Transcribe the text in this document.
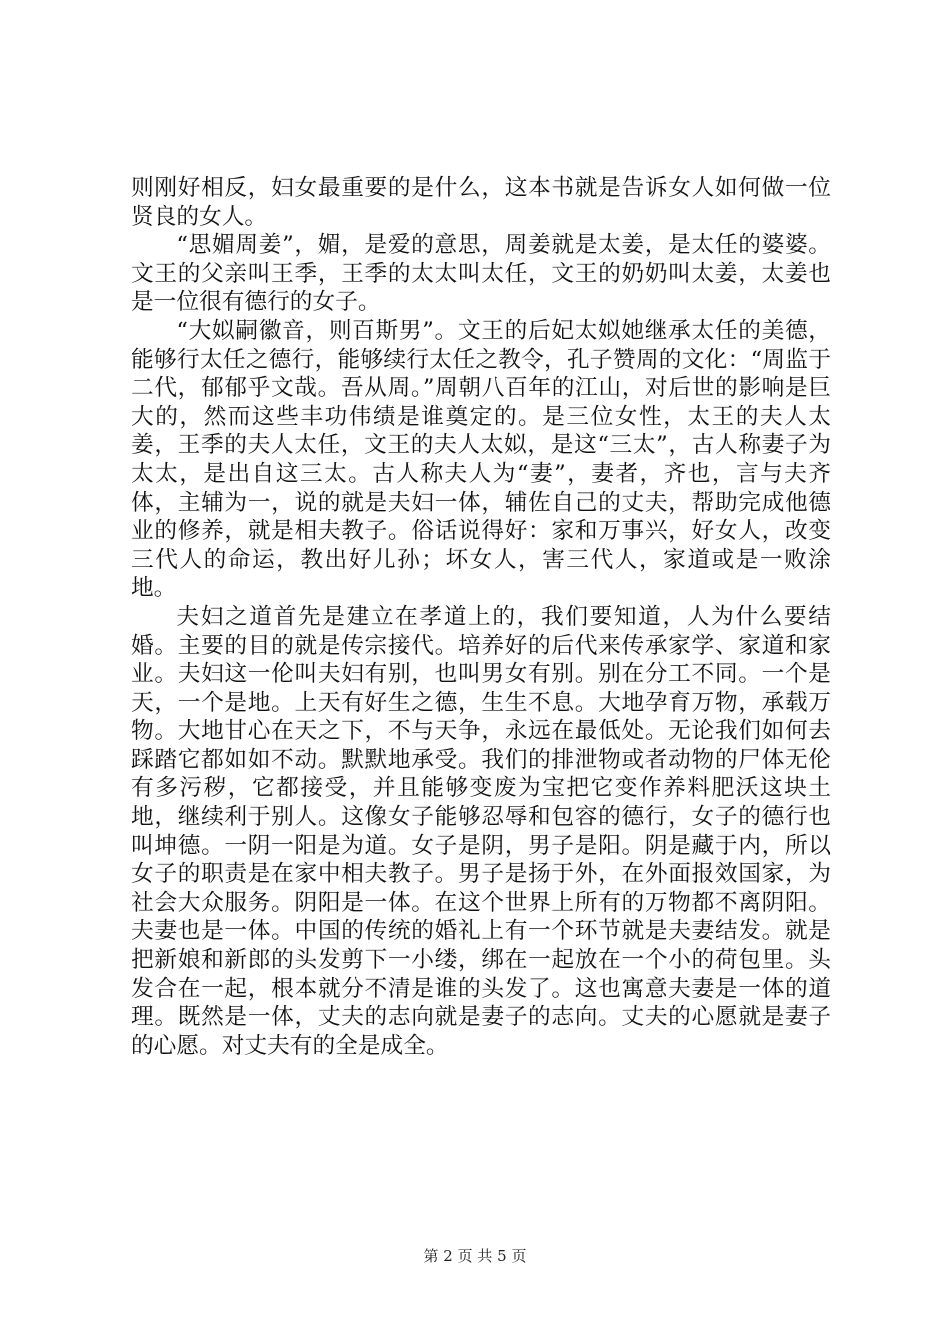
则刚好相反，妇女最重要的是什么，这本书就是告诉女人如何做一位贤良的女人。

“思媚周姜”，媚，是爱的意思，周姜就是太姜，是太任的婆婆。文王的父亲叫王季，王季的太太叫太任，文王的奶奶叫太姜，太姜也是一位很有德行的女子。

“大姒嗣徽音，则百斯男”。文王的后妃太姒她继承太任的美德，能够行太任之德行，能够续行太任之教令，孔子赞周的文化：“周监于二代，郁郁乎文哉。吾从周。”周朝八百年的江山，对后世的影响是巨大的，然而这些丰功伟绩是谁奠定的。是三位女性，太王的夫人太姜，王季的夫人太任，文王的夫人太姒，是这“三太”，古人称妻子为太太，是出自这三太。古人称夫人为“妻”，妻者，齐也，言与夫齐体，主辅为一，说的就是夫妇一体，辅佐自己的丈夫，帮助完成他德业的修养，就是相夫教子。俗话说得好：家和万事兴，好女人，改变三代人的命运，教出好儿孙；坏女人，害三代人，家道或是一败涂地。

夫妇之道首先是建立在孝道上的，我们要知道，人为什么要结婚。主要的目的就是传宗接代。培养好的后代来传承家学、家道和家业。夫妇这一伦叫夫妇有别，也叫男女有别。别在分工不同。一个是天，一个是地。上天有好生之德，生生不息。大地孕育万物，承载万物。大地甘心在天之下，不与天争，永远在最低处。无论我们如何去踩踏它都如如不动。默默地承受。我们的排泄物或者动物的尸体无伦有多污秽，它都接受，并且能够变废为宝把它变作养料肥沃这块土地，继续利于别人。这像女子能够忍辱和包容的德行，女子的德行也叫坤德。一阴一阳是为道。女子是阴，男子是阳。阴是藏于内，所以女子的职责是在家中相夫教子。男子是扬于外，在外面报效国家，为社会大众服务。阴阳是一体。在这个世界上所有的万物都不离阴阳。夫妻也是一体。中国的传统的婚礼上有一个环节就是夫妻结发。就是把新娘和新郎的头发剪下一小缕，绑在一起放在一个小的荷包里。头发合在一起，根本就分不清是谁的头发了。这也寓意夫妻是一体的道理。既然是一体，丈夫的志向就是妻子的志向。丈夫的心愿就是妻子的心愿。对丈夫有的全是成全。

第 2 页 共 5 页
